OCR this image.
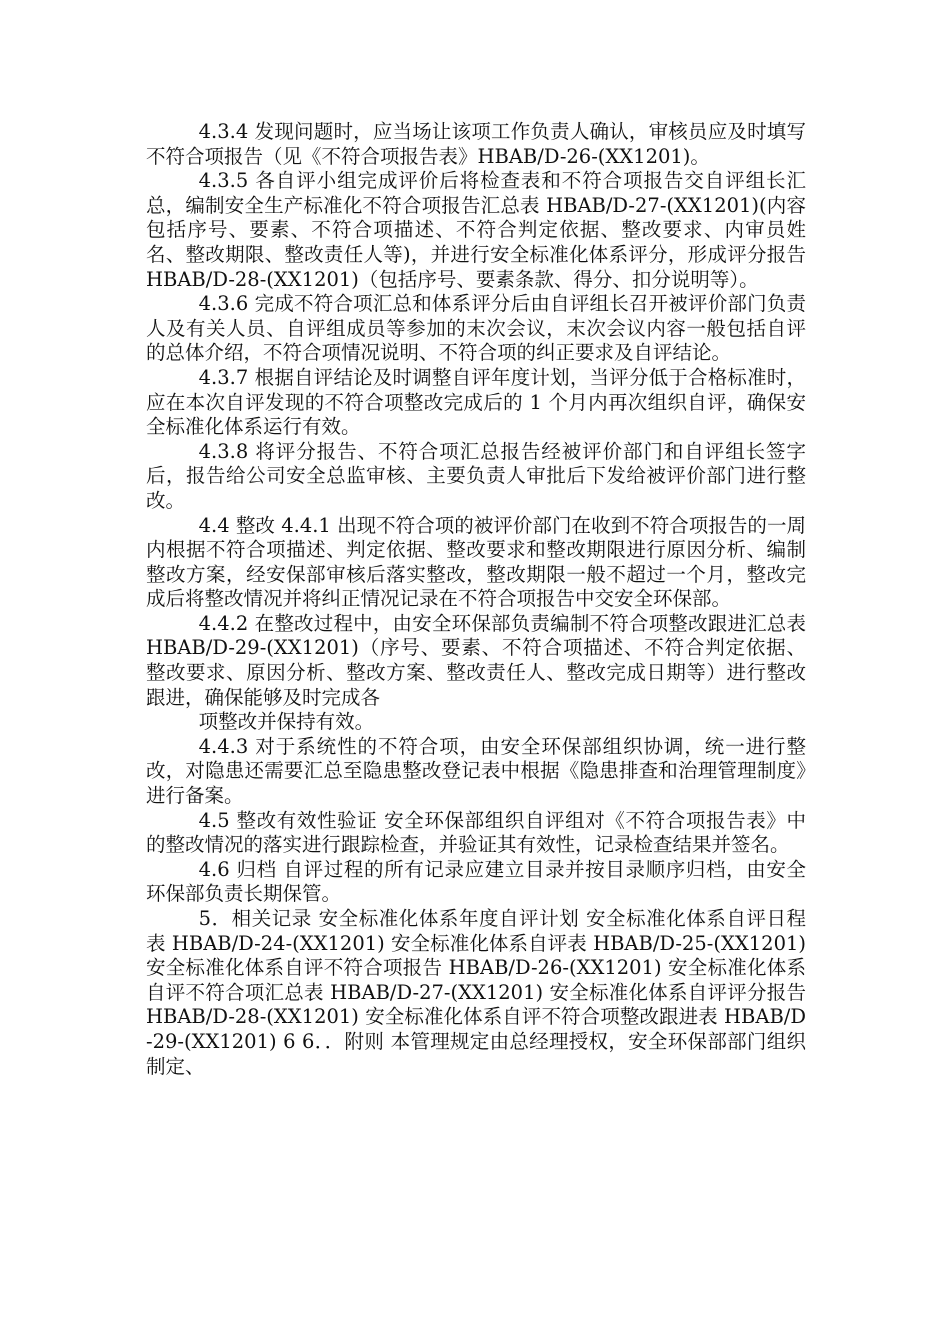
4.3.4 发现问题时，应当场让该项工作负责人确认，审核员应及时填写不符合项报告（见《不符合项报告表》HBAB/D-26-(XX1201)。

4.3.5 各自评小组完成评价后将检查表和不符合项报告交自评组长汇总，编制安全生产标准化不符合项报告汇总表 HBAB/D-27-(XX1201)(内容包括序号、要素、不符合项描述、不符合判定依据、整改要求、内审员姓名、整改期限、整改责任人等)，并进行安全标准化体系评分，形成评分报告 HBAB/D-28-(XX1201)（包括序号、要素条款、得分、扣分说明等）。

4.3.6 完成不符合项汇总和体系评分后由自评组长召开被评价部门负责人及有关人员、自评组成员等参加的末次会议，末次会议内容一般包括自评的总体介绍，不符合项情况说明、不符合项的纠正要求及自评结论。

4.3.7 根据自评结论及时调整自评年度计划，当评分低于合格标准时，应在本次自评发现的不符合项整改完成后的 1 个月内再次组织自评，确保安全标准化体系运行有效。

4.3.8 将评分报告、不符合项汇总报告经被评价部门和自评组长签字后，报告给公司安全总监审核、主要负责人审批后下发给被评价部门进行整改。

4.4 整改 4.4.1 出现不符合项的被评价部门在收到不符合项报告的一周内根据不符合项描述、判定依据、整改要求和整改期限进行原因分析、编制整改方案，经安保部审核后落实整改，整改期限一般不超过一个月，整改完成后将整改情况并将纠正情况记录在不符合项报告中交安全环保部。

4.4.2 在整改过程中，由安全环保部负责编制不符合项整改跟进汇总表 HBAB/D-29-(XX1201)（序号、要素、不符合项描述、不符合判定依据、整改要求、原因分析、整改方案、整改责任人、整改完成日期等）进行整改跟进，确保能够及时完成各

项整改并保持有效。

4.4.3 对于系统性的不符合项，由安全环保部组织协调，统一进行整改，对隐患还需要汇总至隐患整改登记表中根据《隐患排查和治理管理制度》进行备案。

4.5 整改有效性验证 安全环保部组织自评组对《不符合项报告表》中的整改情况的落实进行跟踪检查，并验证其有效性，记录检查结果并签名。

4.6 归档 自评过程的所有记录应建立目录并按目录顺序归档，由安全环保部负责长期保管。

5．相关记录 安全标准化体系年度自评计划 安全标准化体系自评日程表 HBAB/D-24-(XX1201) 安全标准化体系自评表 HBAB/D-25-(XX1201) 安全标准化体系自评不符合项报告 HBAB/D-26-(XX1201) 安全标准化体系自评不符合项汇总表 HBAB/D-27-(XX1201) 安全标准化体系自评评分报告 HBAB/D-28-(XX1201) 安全标准化体系自评不符合项整改跟进表 HBAB/D-29-(XX1201) 6 6．．附则 本管理规定由总经理授权，安全环保部部门组织制定、
